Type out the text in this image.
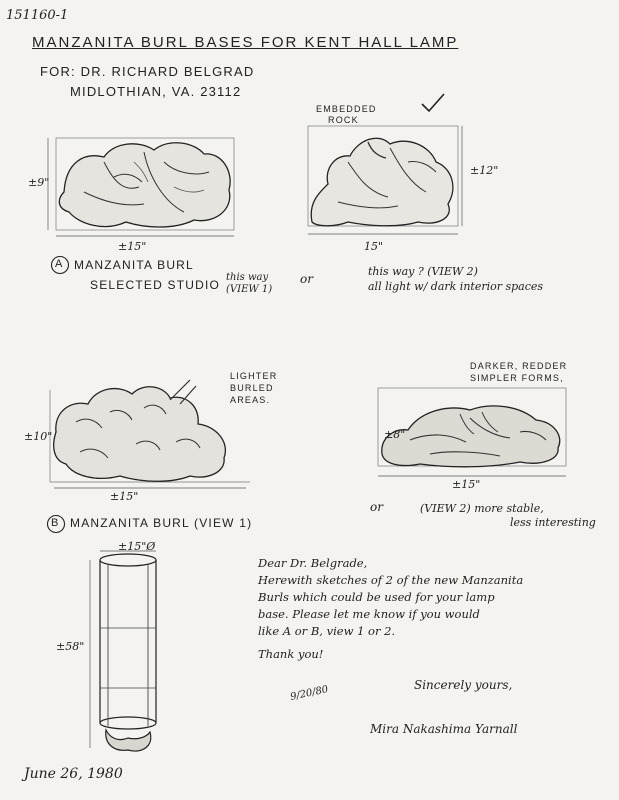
151160-1
MANZANITA BURL BASES FOR KENT HALL LAMP
FOR: DR. RICHARD BELGRAD
MIDLOTHIAN, VA. 23112
±9"
±15"
EMBEDDED
ROCK
±12"
15"
A MANZANITA BURL
SELECTED STUDIO
this way
(VIEW 1)
or
this way ? (VIEW 2)
all light w/ dark interior spaces
LIGHTER
BURLED
AREAS.
±10"
±15"
DARKER, REDDER
SIMPLER FORMS,
±8"
±15"
B MANZANITA BURL (VIEW 1)
or	(VIEW 2) more stable,
less interesting
±15"Ø
±58"
Dear Dr. Belgrade,
Herewith sketches of 2 of the new Manzanita
Burls which could be used for your lamp
base. Please let me know if you would
like A or B, view 1 or 2.
Thank you!
Sincerely yours,
9/20/80
Mira Nakashima Yarnall
June 26, 1980
